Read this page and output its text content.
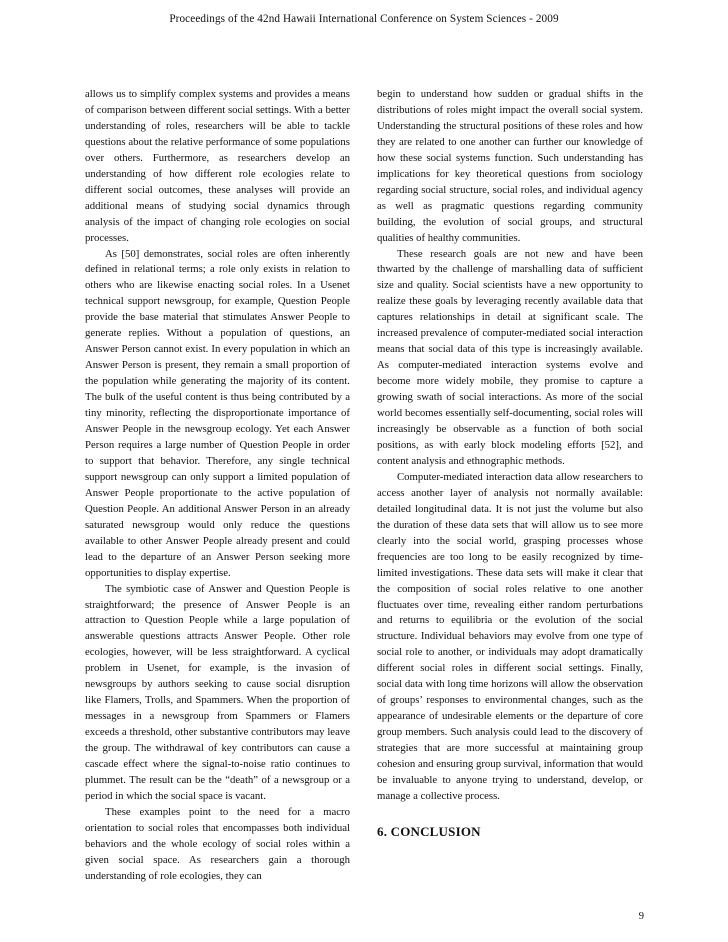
Proceedings of the 42nd Hawaii International Conference on System Sciences - 2009

allows us to simplify complex systems and provides a means of comparison between different social settings. With a better understanding of roles, researchers will be able to tackle questions about the relative performance of some populations over others. Furthermore, as researchers develop an understanding of how different role ecologies relate to different social outcomes, these analyses will provide an additional means of studying social dynamics through analysis of the impact of changing role ecologies on social processes.

As [50] demonstrates, social roles are often inherently defined in relational terms; a role only exists in relation to others who are likewise enacting social roles. In a Usenet technical support newsgroup, for example, Question People provide the base material that stimulates Answer People to generate replies. Without a population of questions, an Answer Person cannot exist. In every population in which an Answer Person is present, they remain a small proportion of the population while generating the majority of its content. The bulk of the useful content is thus being contributed by a tiny minority, reflecting the disproportionate importance of Answer People in the newsgroup ecology. Yet each Answer Person requires a large number of Question People in order to support that behavior. Therefore, any single technical support newsgroup can only support a limited population of Answer People proportionate to the active population of Question People. An additional Answer Person in an already saturated newsgroup would only reduce the questions available to other Answer People already present and could lead to the departure of an Answer Person seeking more opportunities to display expertise.

The symbiotic case of Answer and Question People is straightforward; the presence of Answer People is an attraction to Question People while a large population of answerable questions attracts Answer People. Other role ecologies, however, will be less straightforward. A cyclical problem in Usenet, for example, is the invasion of newsgroups by authors seeking to cause social disruption like Flamers, Trolls, and Spammers. When the proportion of messages in a newsgroup from Spammers or Flamers exceeds a threshold, other substantive contributors may leave the group. The withdrawal of key contributors can cause a cascade effect where the signal-to-noise ratio continues to plummet. The result can be the “death” of a newsgroup or a period in which the social space is vacant.

These examples point to the need for a macro orientation to social roles that encompasses both individual behaviors and the whole ecology of social roles within a given social space. As researchers gain a thorough understanding of role ecologies, they can

begin to understand how sudden or gradual shifts in the distributions of roles might impact the overall social system. Understanding the structural positions of these roles and how they are related to one another can further our knowledge of how these social systems function. Such understanding has implications for key theoretical questions from sociology regarding social structure, social roles, and individual agency as well as pragmatic questions regarding community building, the evolution of social groups, and structural qualities of healthy communities.

These research goals are not new and have been thwarted by the challenge of marshalling data of sufficient size and quality. Social scientists have a new opportunity to realize these goals by leveraging recently available data that captures relationships in detail at significant scale. The increased prevalence of computer-mediated social interaction means that social data of this type is increasingly available. As computer-mediated interaction systems evolve and become more widely mobile, they promise to capture a growing swath of social interactions. As more of the social world becomes essentially self-documenting, social roles will increasingly be observable as a function of both social positions, as with early block modeling efforts [52], and content analysis and ethnographic methods.

Computer-mediated interaction data allow researchers to access another layer of analysis not normally available: detailed longitudinal data. It is not just the volume but also the duration of these data sets that will allow us to see more clearly into the social world, grasping processes whose frequencies are too long to be easily recognized by time-limited investigations. These data sets will make it clear that the composition of social roles relative to one another fluctuates over time, revealing either random perturbations and returns to equilibria or the evolution of the social structure. Individual behaviors may evolve from one type of social role to another, or individuals may adopt dramatically different social roles in different social settings. Finally, social data with long time horizons will allow the observation of groups’ responses to environmental changes, such as the appearance of undesirable elements or the departure of core group members. Such analysis could lead to the discovery of strategies that are more successful at maintaining group cohesion and ensuring group survival, information that would be invaluable to anyone trying to understand, develop, or manage a collective process.

6. CONCLUSION
9
